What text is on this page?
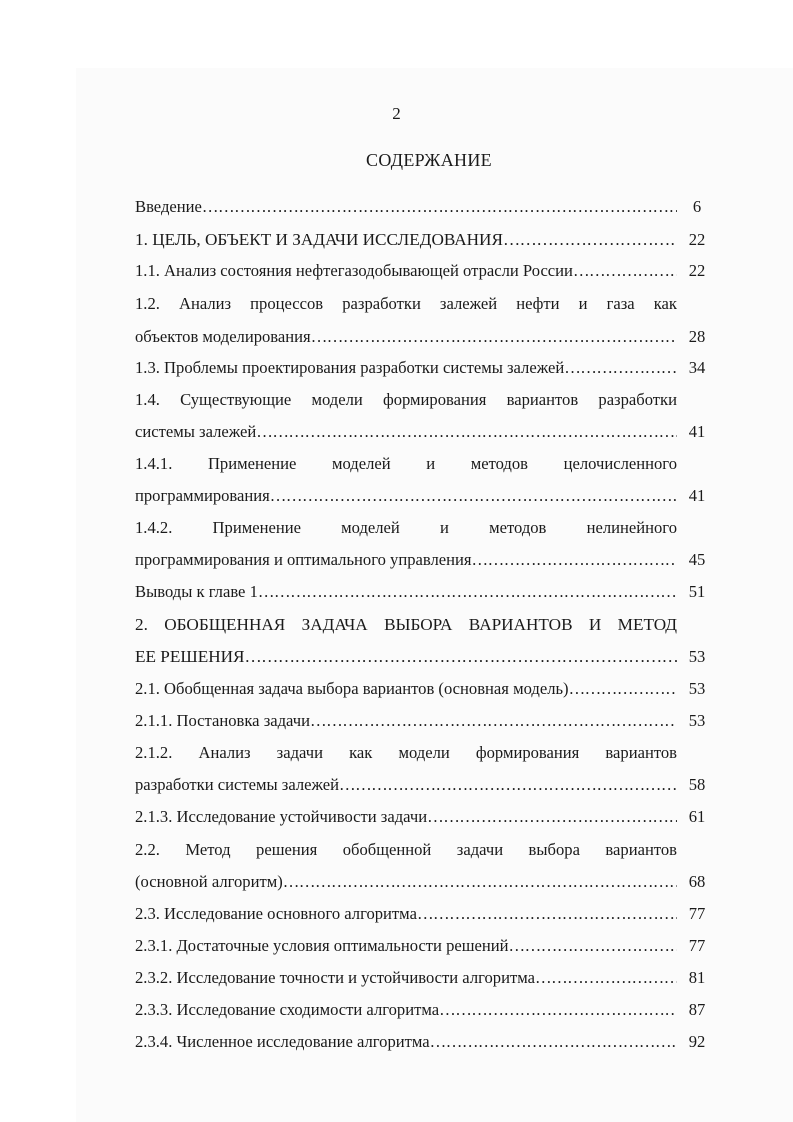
2
СОДЕРЖАНИЕ
Введение …………………………………………………………………………………………………………………………………………………………………………………………………………………………………	6
1. ЦЕЛЬ, ОБЪЕКТ И ЗАДАЧИ ИССЛЕДОВАНИЯ …………………………………………………………………………………………………………………………………………………………………………………………………………………………………	22
1.1. Анализ состояния нефтегазодобывающей отрасли России …………………………………………………………………………………………………………………………………………………………………………………………………………………………………	22
1.2. Анализ процессов разработки залежей нефти и газа как
объектов моделирования …………………………………………………………………………………………………………………………………………………………………………………………………………………………………	28
1.3. Проблемы проектирования разработки системы залежей …………………………………………………………………………………………………………………………………………………………………………………………………………………………………	34
1.4. Существующие модели формирования вариантов разработки
системы залежей …………………………………………………………………………………………………………………………………………………………………………………………………………………………………	41
1.4.1. Применение моделей и методов целочисленного
программирования …………………………………………………………………………………………………………………………………………………………………………………………………………………………………	41
1.4.2. Применение моделей и методов нелинейного
программирования и оптимального управления …………………………………………………………………………………………………………………………………………………………………………………………………………………………………	45
Выводы к главе 1 …………………………………………………………………………………………………………………………………………………………………………………………………………………………………	51
2. ОБОБЩЕННАЯ ЗАДАЧА ВЫБОРА ВАРИАНТОВ И МЕТОД
ЕЕ РЕШЕНИЯ …………………………………………………………………………………………………………………………………………………………………………………………………………………………………	53
2.1. Обобщенная задача выбора вариантов (основная модель) …………………………………………………………………………………………………………………………………………………………………………………………………………………………………	53
2.1.1. Постановка задачи …………………………………………………………………………………………………………………………………………………………………………………………………………………………………	53
2.1.2. Анализ задачи как модели формирования вариантов
разработки системы залежей …………………………………………………………………………………………………………………………………………………………………………………………………………………………………	58
2.1.3. Исследование устойчивости задачи …………………………………………………………………………………………………………………………………………………………………………………………………………………………………	61
2.2. Метод решения обобщенной задачи выбора вариантов
(основной алгоритм) …………………………………………………………………………………………………………………………………………………………………………………………………………………………………	68
2.3. Исследование основного алгоритма …………………………………………………………………………………………………………………………………………………………………………………………………………………………………	77
2.3.1. Достаточные условия оптимальности решений …………………………………………………………………………………………………………………………………………………………………………………………………………………………………	77
2.3.2. Исследование точности и устойчивости алгоритма …………………………………………………………………………………………………………………………………………………………………………………………………………………………………	81
2.3.3. Исследование сходимости алгоритма …………………………………………………………………………………………………………………………………………………………………………………………………………………………………	87
2.3.4. Численное исследование алгоритма …………………………………………………………………………………………………………………………………………………………………………………………………………………………………	92
